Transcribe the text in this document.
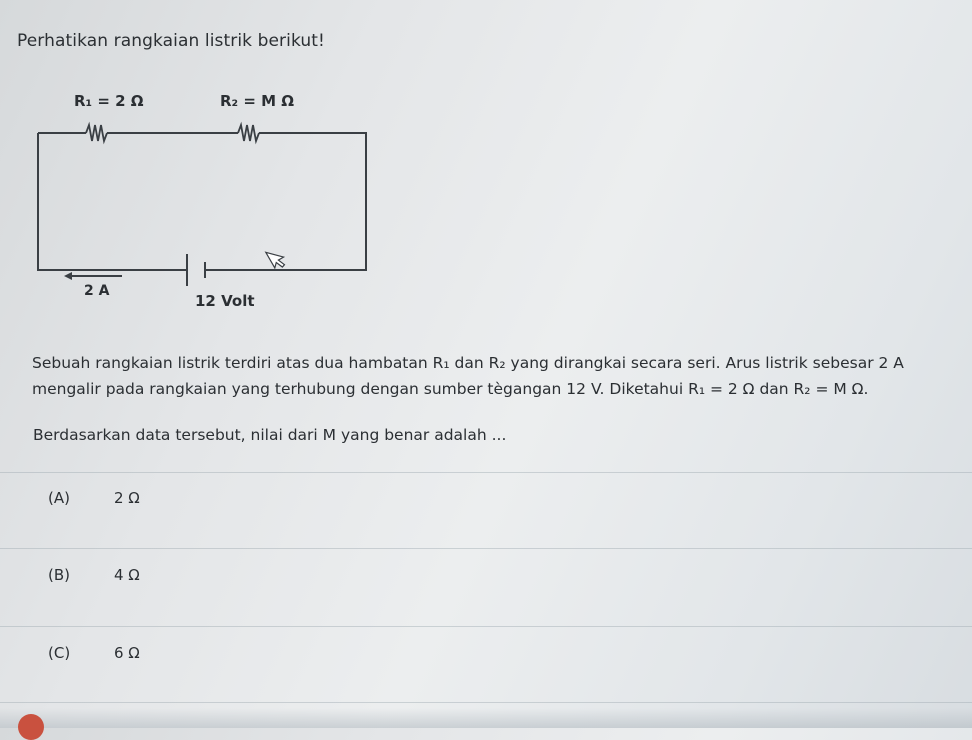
Perhatikan rangkaian listrik berikut!
R₁ = 2 Ω	R₂ = M Ω
2 A
12 Volt
Sebuah rangkaian listrik terdiri atas dua hambatan R₁ dan R₂ yang dirangkai secara seri. Arus listrik sebesar 2 A
mengalir pada rangkaian yang terhubung dengan sumber tègangan 12 V. Diketahui R₁ = 2 Ω dan R₂ = M Ω.
Berdasarkan data tersebut, nilai dari M yang benar adalah ...
(A)	2 Ω
(B)	4 Ω
(C)	6 Ω
